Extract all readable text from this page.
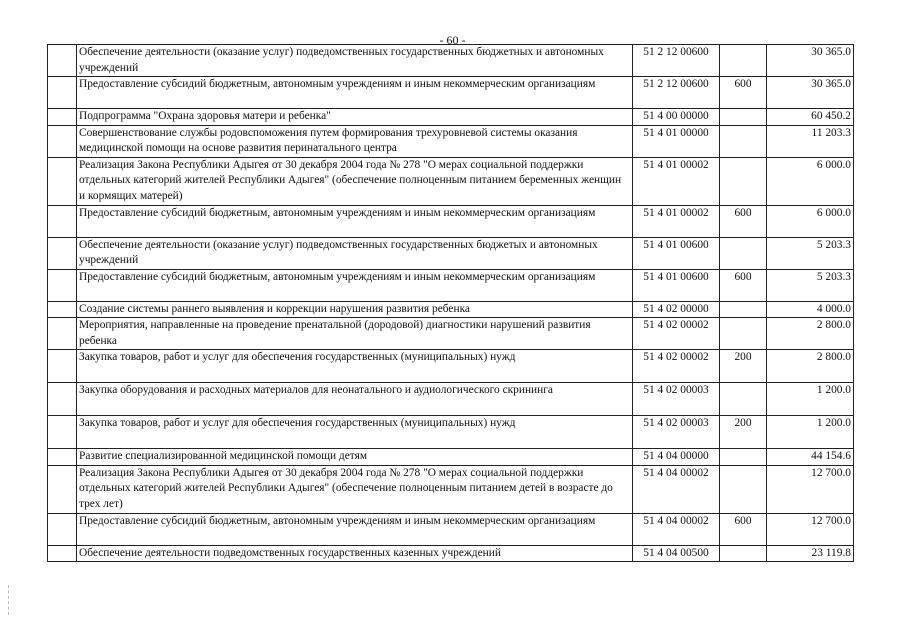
- 60 -
	Обеспечение деятельности (оказание услуг) подведомственных государственных бюджетных и автономных учреждений	51 2 12 00600		30 365.0
	Предоставление субсидий бюджетным, автономным учреждениям и иным некоммерческим организациям	51 2 12 00600	600	30 365.0
	Подпрограмма "Охрана здоровья матери и ребенка"	51 4 00 00000		60 450.2
	Совершенствование службы родовспоможения путем формирования трехуровневой системы оказания медицинской помощи на основе развития перинатального центра	51 4 01 00000		11 203.3
	Реализация Закона Республики Адыгея от 30 декабря 2004 года № 278 "О мерах социальной поддержки отдельных категорий жителей Республики Адыгея" (обеспечение полноценным питанием беременных женщин и кормящих матерей)	51 4 01 00002		6 000.0
	Предоставление субсидий бюджетным, автономным учреждениям и иным некоммерческим организациям	51 4 01 00002	600	6 000.0
	Обеспечение деятельности (оказание услуг) подведомственных государственных бюджетых и автономных учреждений	51 4 01 00600		5 203.3
	Предоставление субсидий бюджетным, автономным учреждениям и иным некоммерческим организациям	51 4 01 00600	600	5 203.3
	Создание системы раннего выявления и коррекции нарушения развития ребенка	51 4 02 00000		4 000.0
	Мероприятия, направленные на проведение пренатальной (дородовой) диагностики нарушений развития ребенка	51 4 02 00002		2 800.0
	Закупка товаров, работ и услуг для обеспечения государственных (муниципальных) нужд	51 4 02 00002	200	2 800.0
	Закупка оборудования и расходных материалов для неонатального и аудиологического скрининга	51 4 02 00003		1 200.0
	Закупка товаров, работ и услуг для обеспечения государственных (муниципальных) нужд	51 4 02 00003	200	1 200.0
	Развитие специализированной медицинской помощи детям	51 4 04 00000		44 154.6
	Реализация Закона Республики Адыгея от 30 декабря 2004 года № 278 "О мерах социальной поддержки отдельных категорий жителей Республики Адыгея" (обеспечение полноценным питанием детей в возрасте до трех лет)	51 4 04 00002		12 700.0
	Предоставление субсидий бюджетным, автономным учреждениям и иным некоммерческим организациям	51 4 04 00002	600	12 700.0
	Обеспечение деятельности подведомственных государственных казенных учреждений	51 4 04 00500		23 119.8
